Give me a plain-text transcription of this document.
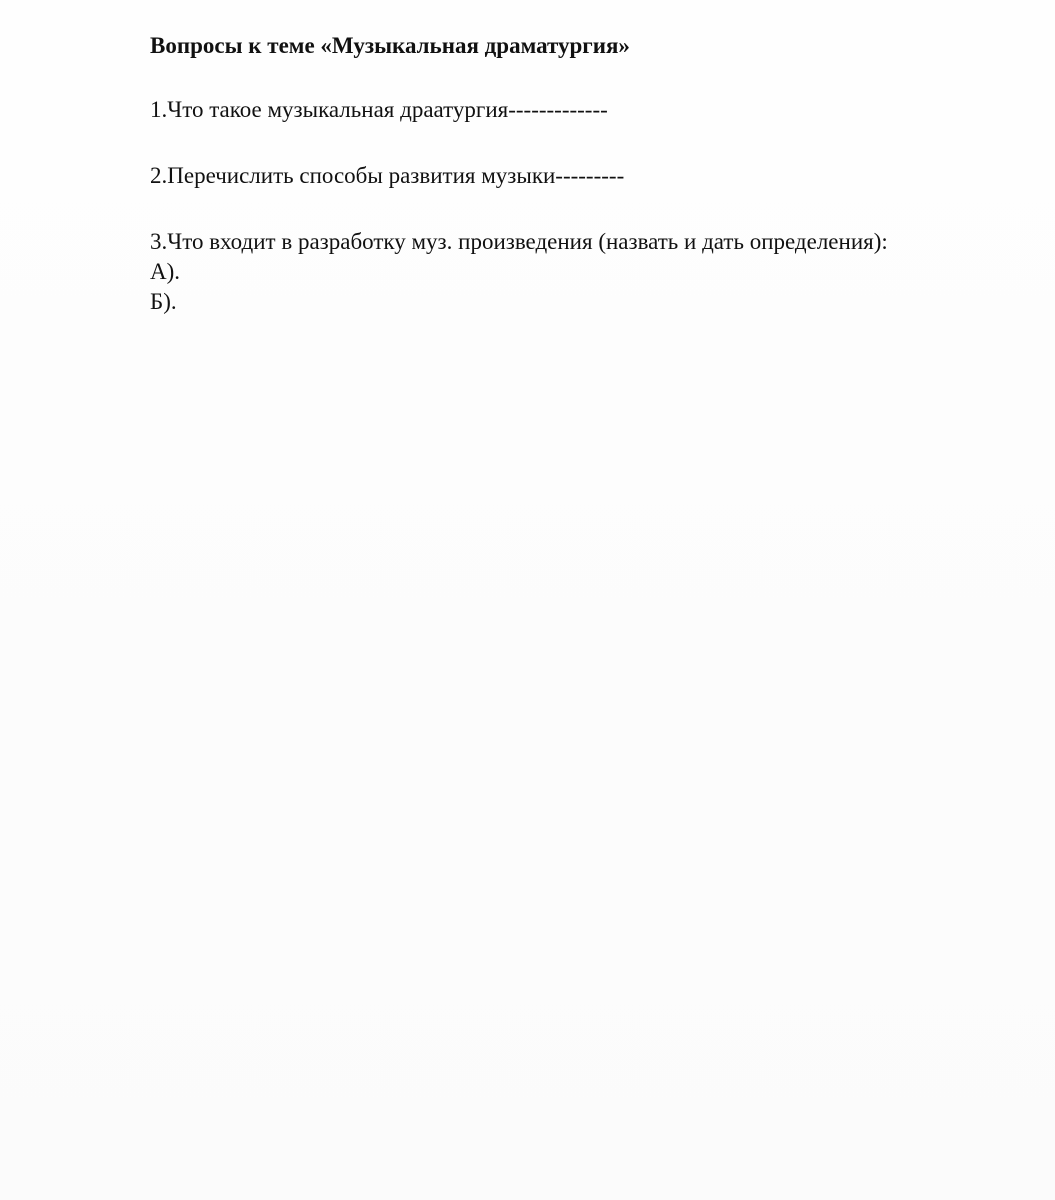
Вопросы к теме «Музыкальная драматургия»

1.Что такое музыкальная драатургия-------------

2.Перечислить способы развития музыки---------

3.Что входит в разработку муз. произведения (назвать и дать определения):

А).

Б).
